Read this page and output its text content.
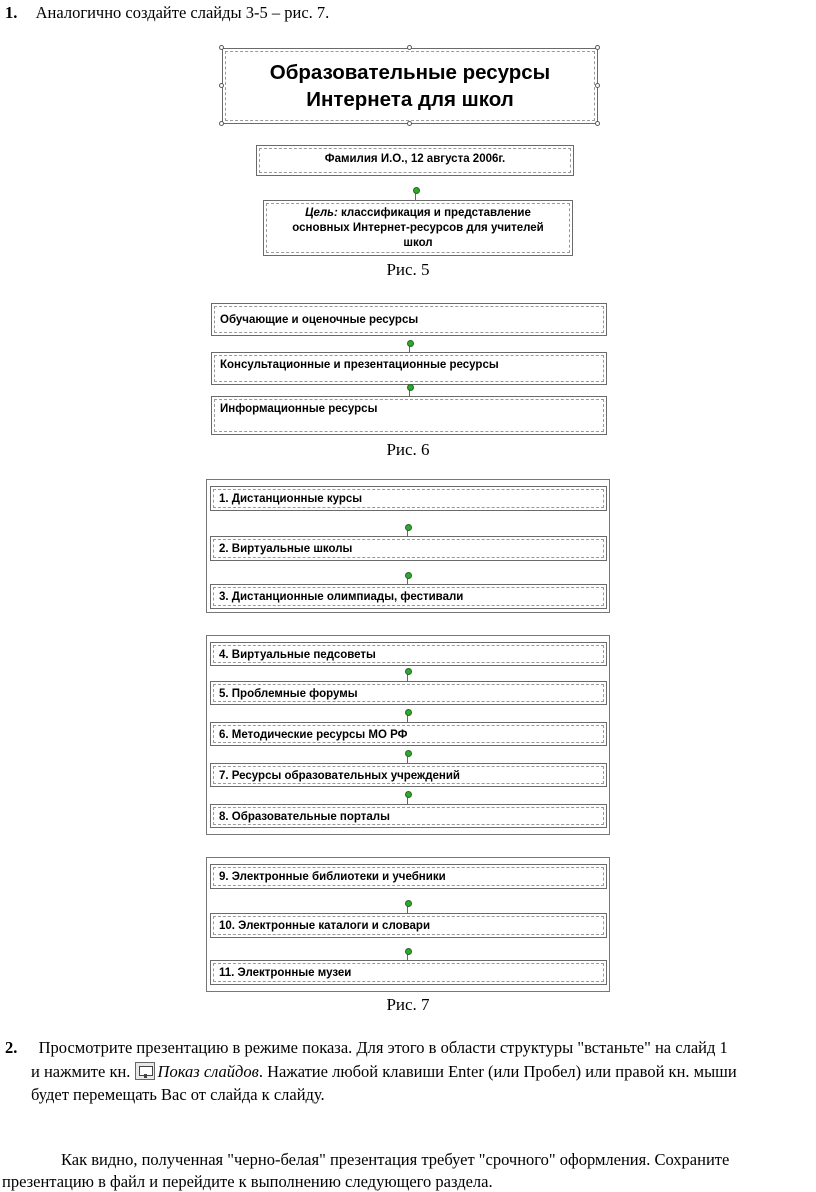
1. Аналогично создайте слайды 3-5 – рис. 7.
Образовательные ресурсы
Интернета для школ
Фамилия И.О., 12 августа 2006г.
Цель: классификация и представление
основных Интернет-ресурсов для учителей
школ
Рис. 5
Обучающие и оценочные ресурсы
Консультационные и презентационные ресурсы
Информационные ресурсы
Рис. 6
1. Дистанционные курсы
2. Виртуальные школы
3. Дистанционные олимпиады, фестивали
4. Виртуальные педсоветы
5. Проблемные форумы
6. Методические ресурсы МО РФ
7. Ресурсы образовательных учреждений
8. Образовательные порталы
9. Электронные библиотеки и учебники
10. Электронные каталоги и словари
11. Электронные музеи
Рис. 7
2. Просмотрите презентацию в режиме показа. Для этого в области структуры "встаньте" на слайд 1
и нажмите кн. Показ слайдов. Нажатие любой клавиши Enter (или Пробел) или правой кн. мыши
будет перемещать Вас от слайда к слайду.
Как видно, полученная "черно-белая" презентация требует "срочного" оформления. Сохраните
презентацию в файл и перейдите к выполнению следующего раздела.
